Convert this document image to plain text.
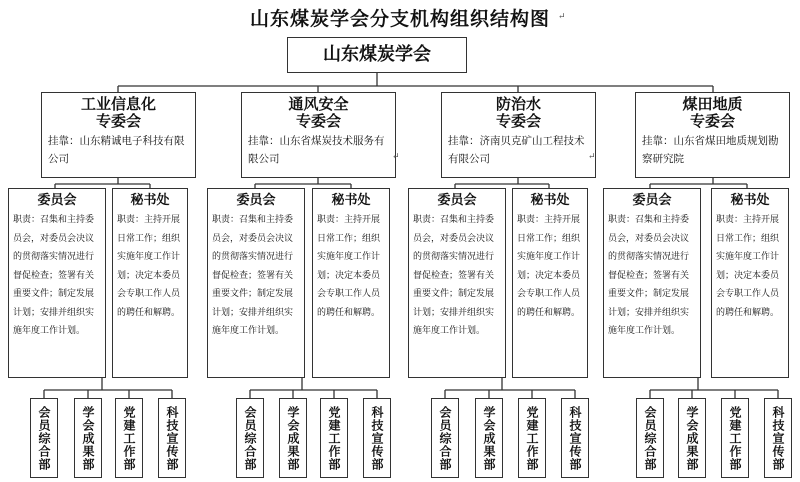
山东煤炭学会分支机构组织结构图
山东煤炭学会
工业信息化
专委会
挂靠：山东精诚电子科技有限公司
委员会
职责：召集和主持委员会，对委员会决议的贯彻落实情况进行督促检查；签署有关重要文件；制定发展计划；安排并组织实施年度工作计划。
秘书处
职责：主持开展日常工作；组织实施年度工作计划；决定本委员会专职工作人员的聘任和解聘。
会员综合部	学会成果部 党建工作部 科技宣传部
通风安全
专委会
挂靠：山东省煤炭技术服务有限公司
委员会
职责：召集和主持委员会，对委员会决议的贯彻落实情况进行督促检查；签署有关重要文件；制定发展计划；安排并组织实施年度工作计划。
秘书处
职责：主持开展日常工作；组织实施年度工作计划；决定本委员会专职工作人员的聘任和解聘。
会员综合部 学会成果部 党建工作部 科技宣传部
防治水
专委会
挂靠：济南贝克矿山工程技术有限公司
委员会
职责：召集和主持委员会，对委员会决议的贯彻落实情况进行督促检查；签署有关重要文件；制定发展计划；安排并组织实施年度工作计划。
秘书处
职责：主持开展日常工作；组织实施年度工作计划；决定本委员会专职工作人员的聘任和解聘。
会员综合部	学会成果部 党建工作部 科技宣传部
煤田地质
专委会
挂靠：山东省煤田地质规划勘察研究院
委员会
职责：召集和主持委员会，对委员会决议的贯彻落实情况进行督促检查；签署有关重要文件；制定发展计划；安排并组织实施年度工作计划。
秘书处
职责：主持开展日常工作；组织实施年度工作计划；决定本委员会专职工作人员的聘任和解聘。
会员综合部 学会成果部 党建工作部 科技宣传部
↵
↵	↵
